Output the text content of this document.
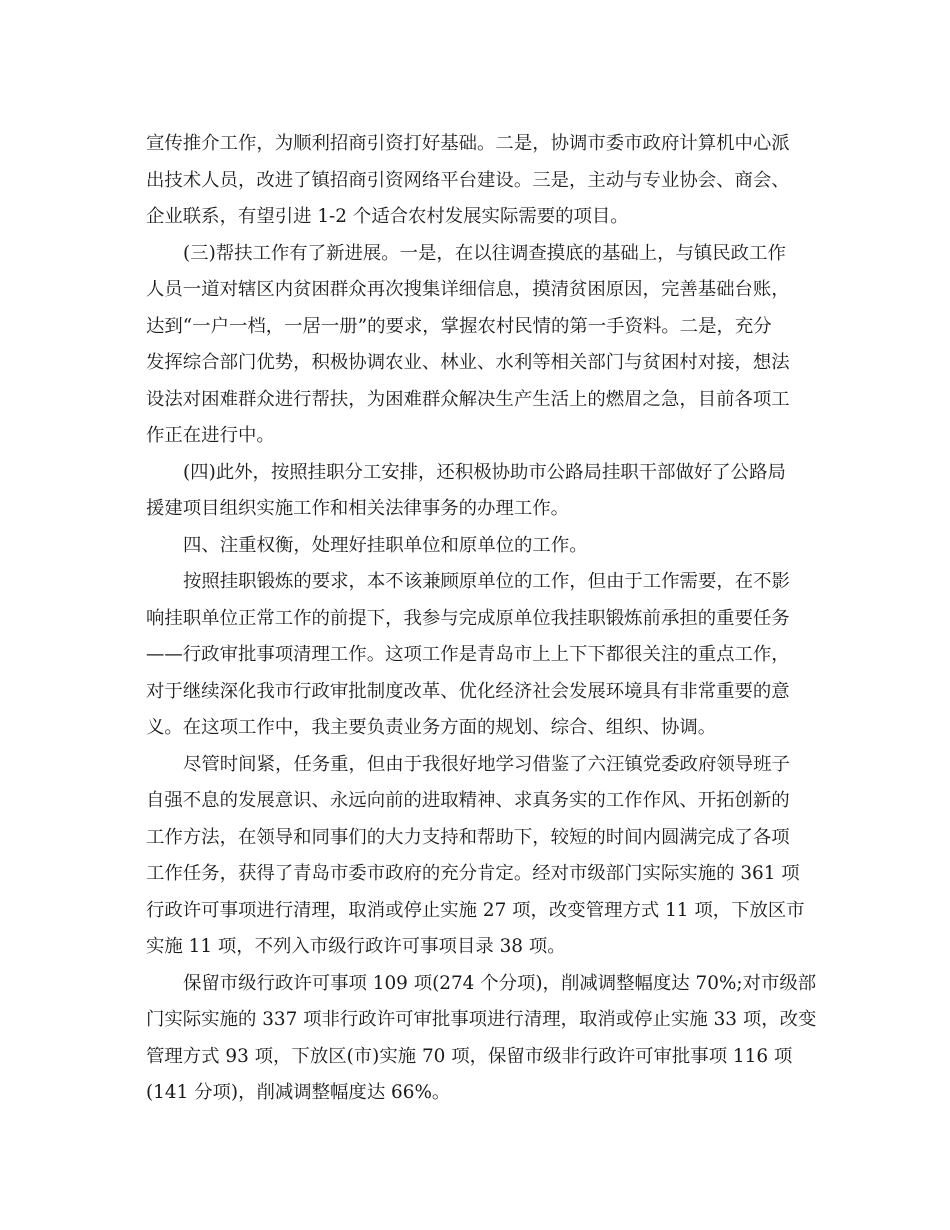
宣传推介工作，为顺利招商引资打好基础。二是，协调市委市政府计算机中心派
出技术人员，改进了镇招商引资网络平台建设。三是，主动与专业协会、商会、
企业联系，有望引进 1-2 个适合农村发展实际需要的项目。
(三)帮扶工作有了新进展。一是，在以往调查摸底的基础上，与镇民政工作
人员一道对辖区内贫困群众再次搜集详细信息，摸清贫困原因，完善基础台账，
达到“一户一档，一居一册”的要求，掌握农村民情的第一手资料。二是，充分
发挥综合部门优势，积极协调农业、林业、水利等相关部门与贫困村对接，想法
设法对困难群众进行帮扶，为困难群众解决生产生活上的燃眉之急，目前各项工
作正在进行中。
(四)此外，按照挂职分工安排，还积极协助市公路局挂职干部做好了公路局
援建项目组织实施工作和相关法律事务的办理工作。
四、注重权衡，处理好挂职单位和原单位的工作。
按照挂职锻炼的要求，本不该兼顾原单位的工作，但由于工作需要，在不影
响挂职单位正常工作的前提下，我参与完成原单位我挂职锻炼前承担的重要任务
——行政审批事项清理工作。这项工作是青岛市上上下下都很关注的重点工作，
对于继续深化我市行政审批制度改革、优化经济社会发展环境具有非常重要的意
义。在这项工作中，我主要负责业务方面的规划、综合、组织、协调。
尽管时间紧，任务重，但由于我很好地学习借鉴了六汪镇党委政府领导班子
自强不息的发展意识、永远向前的进取精神、求真务实的工作作风、开拓创新的
工作方法，在领导和同事们的大力支持和帮助下，较短的时间内圆满完成了各项
工作任务，获得了青岛市委市政府的充分肯定。经对市级部门实际实施的 361 项
行政许可事项进行清理，取消或停止实施 27 项，改变管理方式 11 项，下放区市
实施 11 项，不列入市级行政许可事项目录 38 项。
保留市级行政许可事项 109 项(274 个分项)，削减调整幅度达 70%;对市级部
门实际实施的 337 项非行政许可审批事项进行清理，取消或停止实施 33 项，改变
管理方式 93 项，下放区(市)实施 70 项，保留市级非行政许可审批事项 116 项
(141 分项)，削减调整幅度达 66%。
